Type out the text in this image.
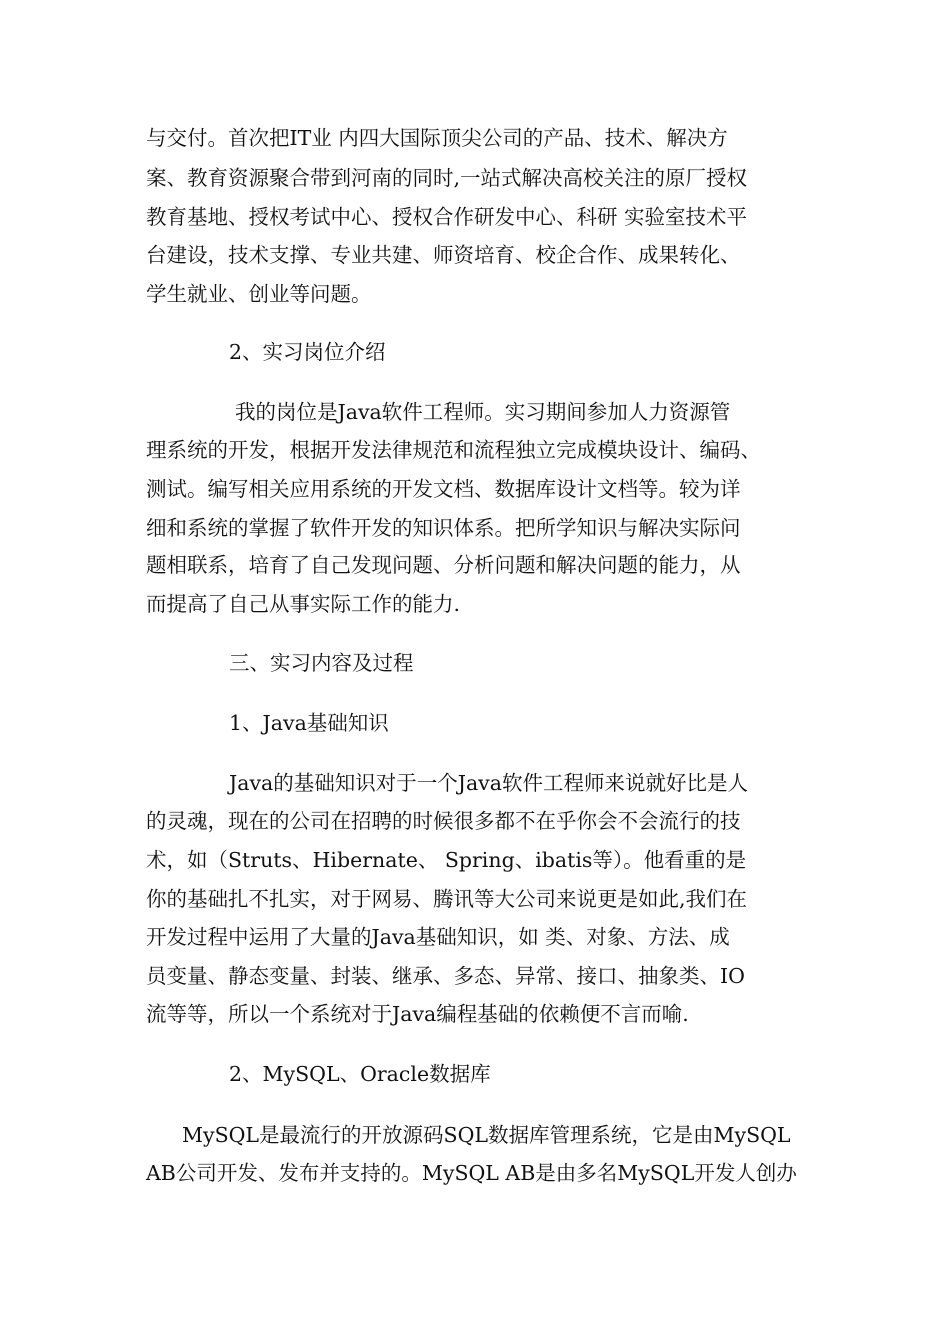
与交付。首次把IT业 内四大国际顶尖公司的产品、技术、解决方
案、教育资源聚合带到河南的同时,一站式解决高校关注的原厂授权
教育基地、授权考试中心、授权合作研发中心、科研 实验室技术平
台建设，技术支撑、专业共建、师资培育、校企合作、成果转化、
学生就业、创业等问题。
2、实习岗位介绍
我的岗位是Java软件工程师。实习期间参加人力资源管
理系统的开发，根据开发法律规范和流程独立完成模块设计、编码、
测试。编写相关应用系统的开发文档、数据库设计文档等。较为详
细和系统的掌握了软件开发的知识体系。把所学知识与解决实际问
题相联系，培育了自己发现问题、分析问题和解决问题的能力，从
而提高了自己从事实际工作的能力.
三、实习内容及过程
1、Java基础知识
Java的基础知识对于一个Java软件工程师来说就好比是人
的灵魂，现在的公司在招聘的时候很多都不在乎你会不会流行的技
术，如（Struts、Hibernate、 Spring、ibatis等）。他看重的是
你的基础扎不扎实，对于网易、腾讯等大公司来说更是如此,我们在
开发过程中运用了大量的Java基础知识，如 类、对象、方法、成
员变量、静态变量、封装、继承、多态、异常、接口、抽象类、IO
流等等，所以一个系统对于Java编程基础的依赖便不言而喻.
2、MySQL、Oracle数据库
MySQL是最流行的开放源码SQL数据库管理系统，它是由MySQL
AB公司开发、发布并支持的。MySQL AB是由多名MySQL开发人创办
